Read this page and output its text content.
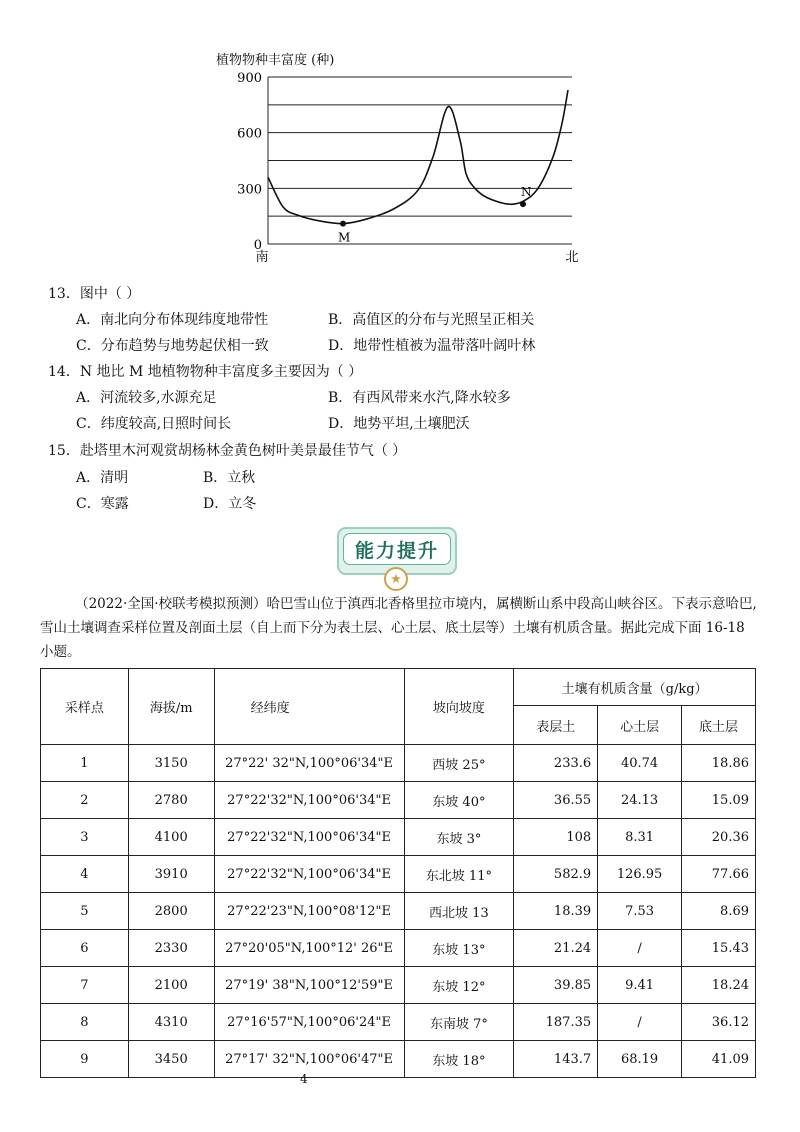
植物物种丰富度 (种)
900
600
300
0
M
N
南	北
13．图中（ ）
A．南北向分布体现纬度地带性	B．高值区的分布与光照呈正相关
C．分布趋势与地势起伏相一致	D．地带性植被为温带落叶阔叶林
14．N 地比 M 地植物物种丰富度多主要因为（ ）
A．河流较多,水源充足	B．有西风带来水汽,降水较多
C．纬度较高,日照时间长	D．地势平坦,土壤肥沃
15．赴塔里木河观赏胡杨林金黄色树叶美景最佳节气（ ）
A．清明	B．立秋
C．寒露	D．立冬
能力提升
★
（2022·全国·校联考模拟预测）哈巴雪山位于滇西北香格里拉市境内，属横断山系中段高山峡谷区。下表示意哈巴,雪山土壤调查采样位置及剖面土层（自上而下分为表土层、心土层、底土层等）土壤有机质含量。据此完成下面 16-18 小题。
采样点	海拔/m	经纬度	坡向坡度	土壤有机质含量（g/kg）		
				表层土	心土层	底土层
1	3150	27°22' 32"N,100°06'34"E	西坡 25°	233.6	40.74	18.86
2	2780	27°22'32"N,100°06'34"E	东坡 40°	36.55	24.13	15.09
3	4100	27°22'32"N,100°06'34"E	东坡 3°	108	8.31	20.36
4	3910	27°22'32"N,100°06'34"E	东北坡 11°	582.9	126.95	77.66
5	2800	27°22'23"N,100°08'12"E	西北坡 13	18.39	7.53	8.69
6	2330	27°20'05"N,100°12' 26"E	东坡 13°	21.24	/	15.43
7	2100	27°19' 38"N,100°12'59"E	东坡 12°	39.85	9.41	18.24
8	4310	27°16'57"N,100°06'24"E	东南坡 7°	187.35	/	36.12
9	3450	27°17' 32"N,100°06'47"E	东坡 18°	143.7	68.19	41.09
4
